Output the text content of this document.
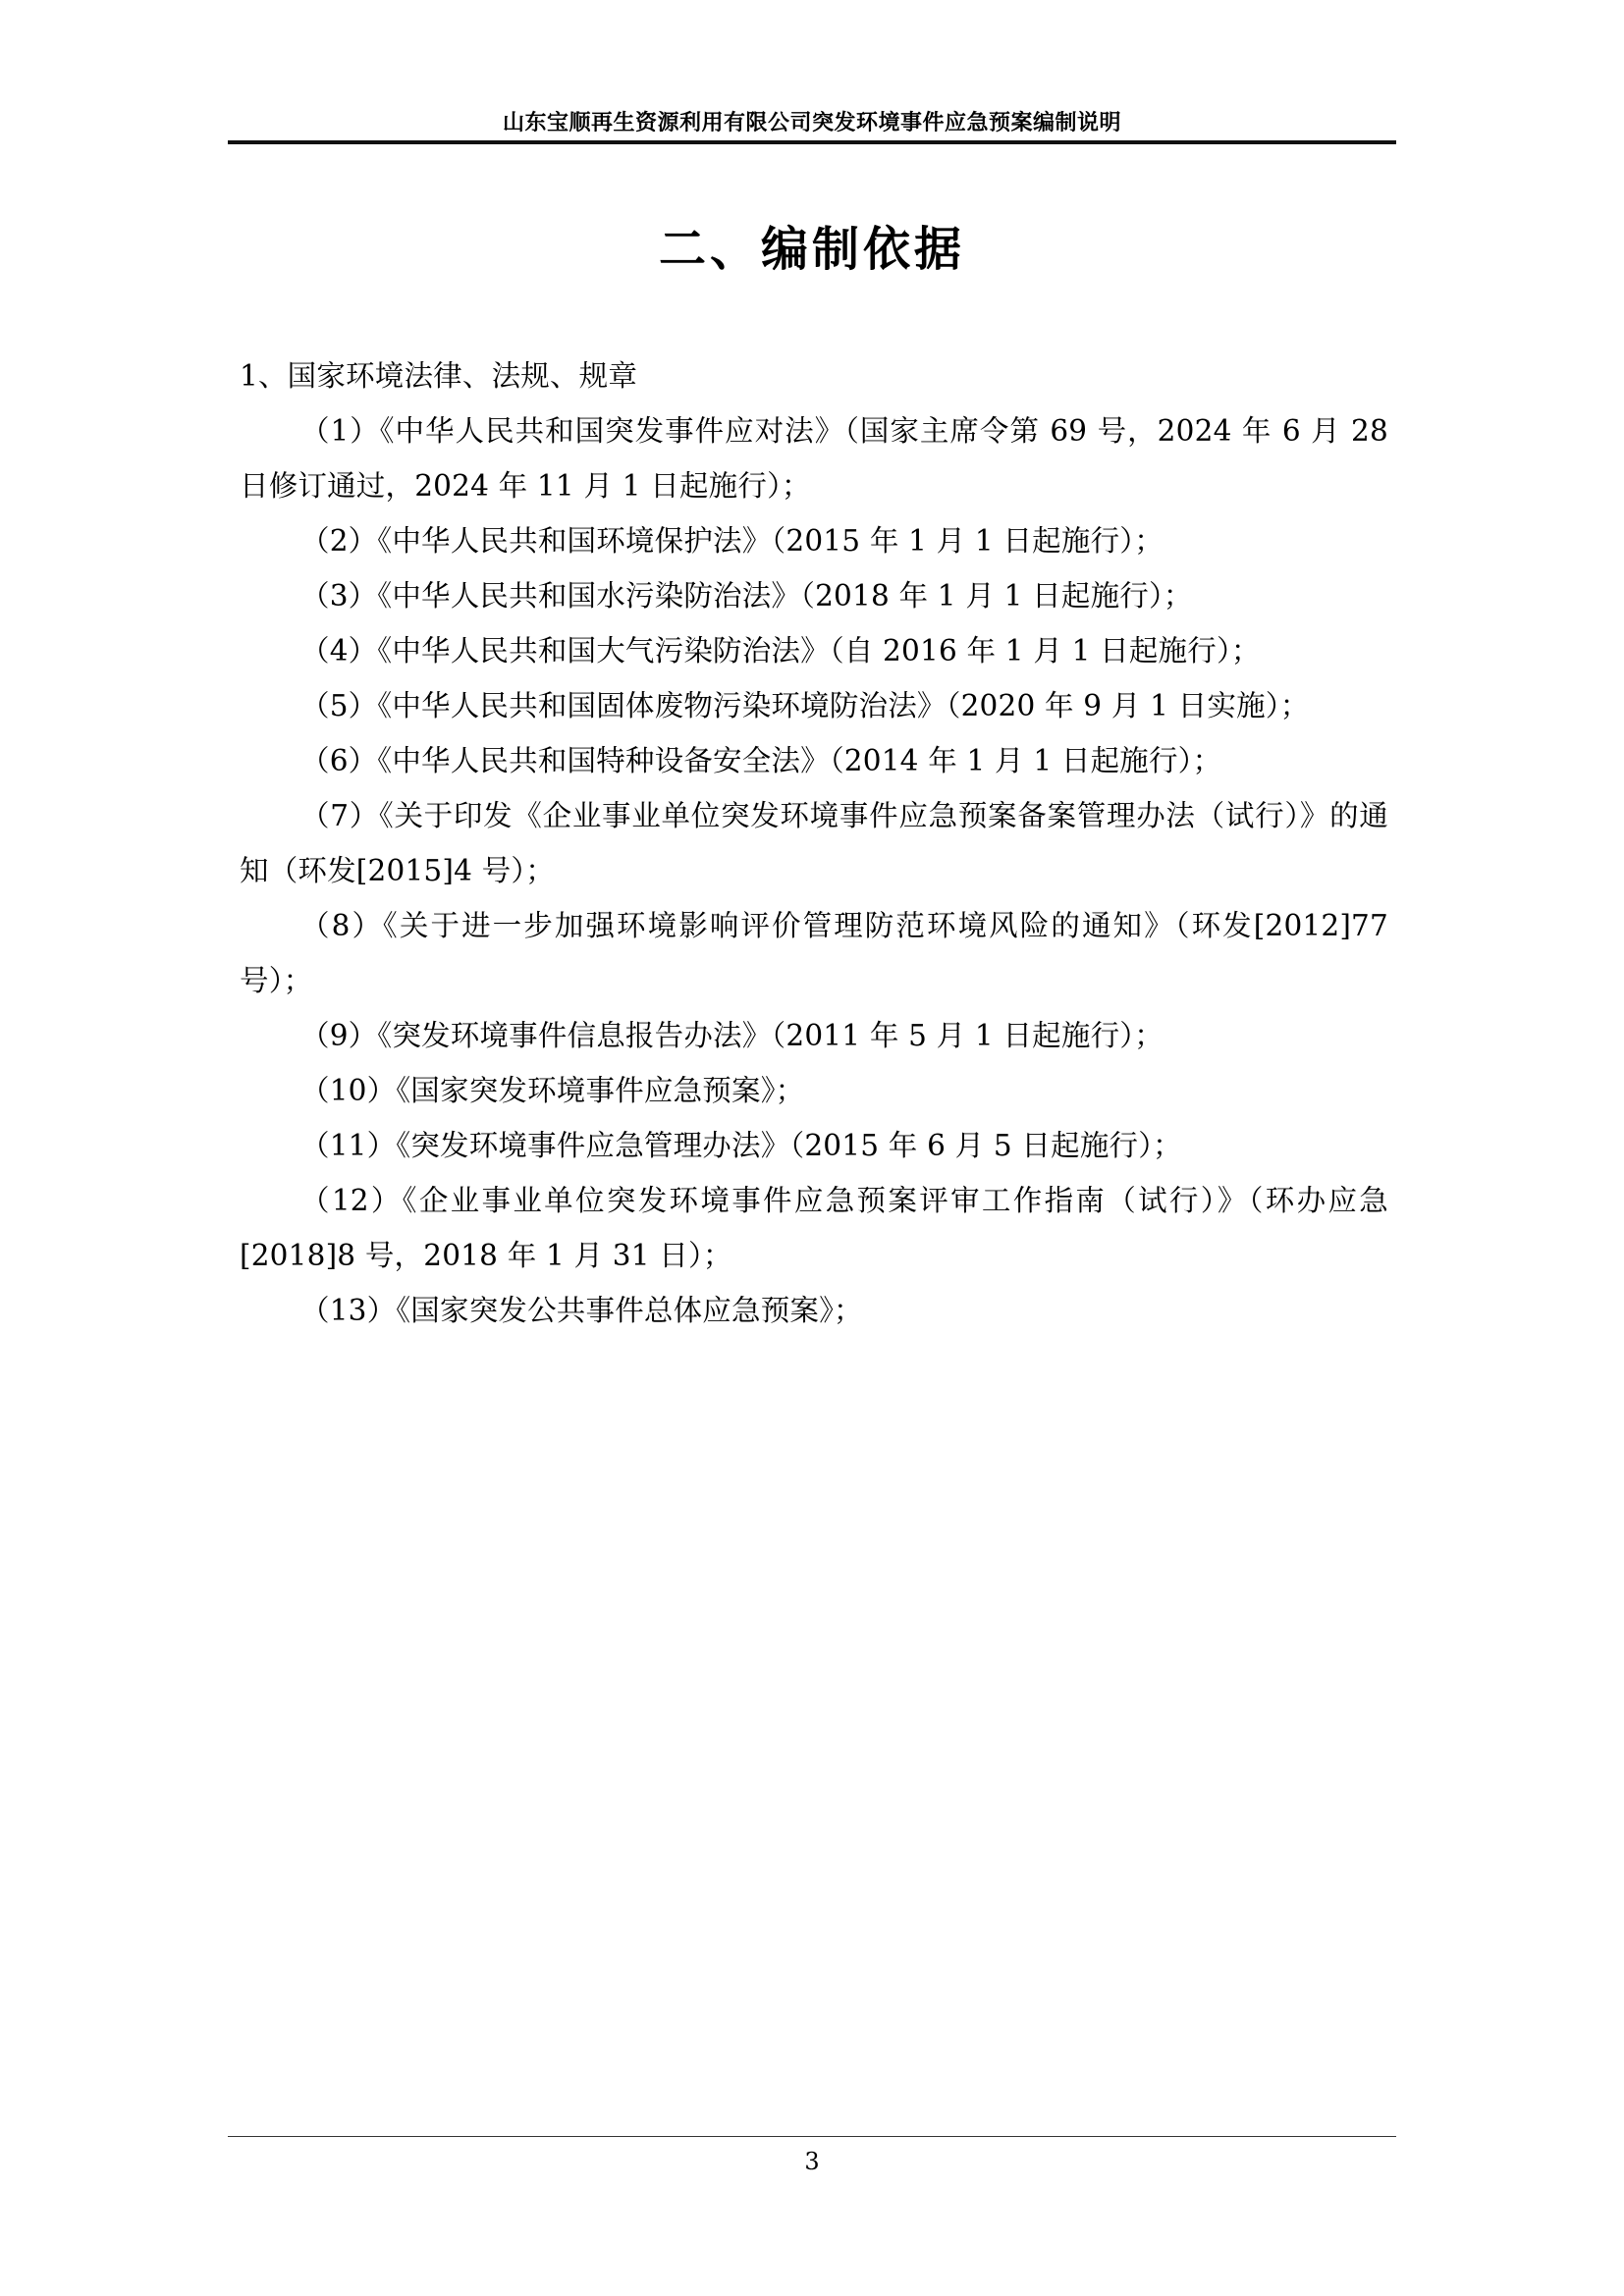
山东宝顺再生资源利用有限公司突发环境事件应急预案编制说明
二、编制依据

1、国家环境法律、法规、规章

（1）《中华人民共和国突发事件应对法》（国家主席令第 69 号，2024 年 6 月 28 日修订通过，2024 年 11 月 1 日起施行）；

（2）《中华人民共和国环境保护法》（2015 年 1 月 1 日起施行）；

（3）《中华人民共和国水污染防治法》（2018 年 1 月 1 日起施行）；

（4）《中华人民共和国大气污染防治法》（自 2016 年 1 月 1 日起施行）；

（5）《中华人民共和国固体废物污染环境防治法》（2020 年 9 月 1 日实施）；

（6）《中华人民共和国特种设备安全法》（2014 年 1 月 1 日起施行）；

（7）《关于印发《企业事业单位突发环境事件应急预案备案管理办法（试行）》的通知（环发[2015]4 号）；

（8）《关于进一步加强环境影响评价管理防范环境风险的通知》（环发[2012]77 号）；

（9）《突发环境事件信息报告办法》（2011 年 5 月 1 日起施行）；

（10）《国家突发环境事件应急预案》；

（11）《突发环境事件应急管理办法》（2015 年 6 月 5 日起施行）；

（12）《企业事业单位突发环境事件应急预案评审工作指南（试行）》（环办应急[2018]8 号，2018 年 1 月 31 日）；

（13）《国家突发公共事件总体应急预案》；

3
